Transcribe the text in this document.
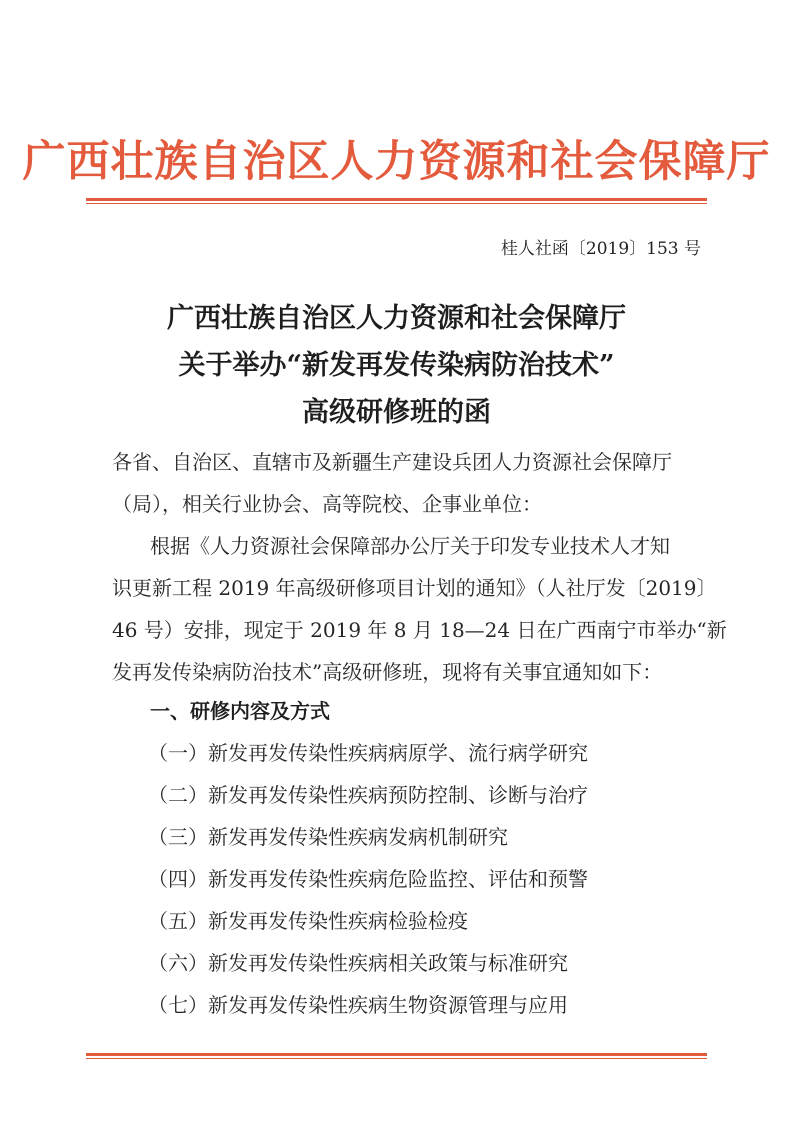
广西壮族自治区人力资源和社会保障厅
桂人社函〔2019〕153 号
广西壮族自治区人力资源和社会保障厅
关于举办“新发再发传染病防治技术”
高级研修班的函
各省、自治区、直辖市及新疆生产建设兵团人力资源社会保障厅
（局），相关行业协会、高等院校、企事业单位：
根据《人力资源社会保障部办公厅关于印发专业技术人才知
识更新工程 2019 年高级研修项目计划的通知》（人社厅发〔2019〕
46 号）安排，现定于 2019 年 8 月 18—24 日在广西南宁市举办“新
发再发传染病防治技术”高级研修班，现将有关事宜通知如下：
一、研修内容及方式
（一）新发再发传染性疾病病原学、流行病学研究
（二）新发再发传染性疾病预防控制、诊断与治疗
（三）新发再发传染性疾病发病机制研究
（四）新发再发传染性疾病危险监控、评估和预警
（五）新发再发传染性疾病检验检疫
（六）新发再发传染性疾病相关政策与标准研究
（七）新发再发传染性疾病生物资源管理与应用
